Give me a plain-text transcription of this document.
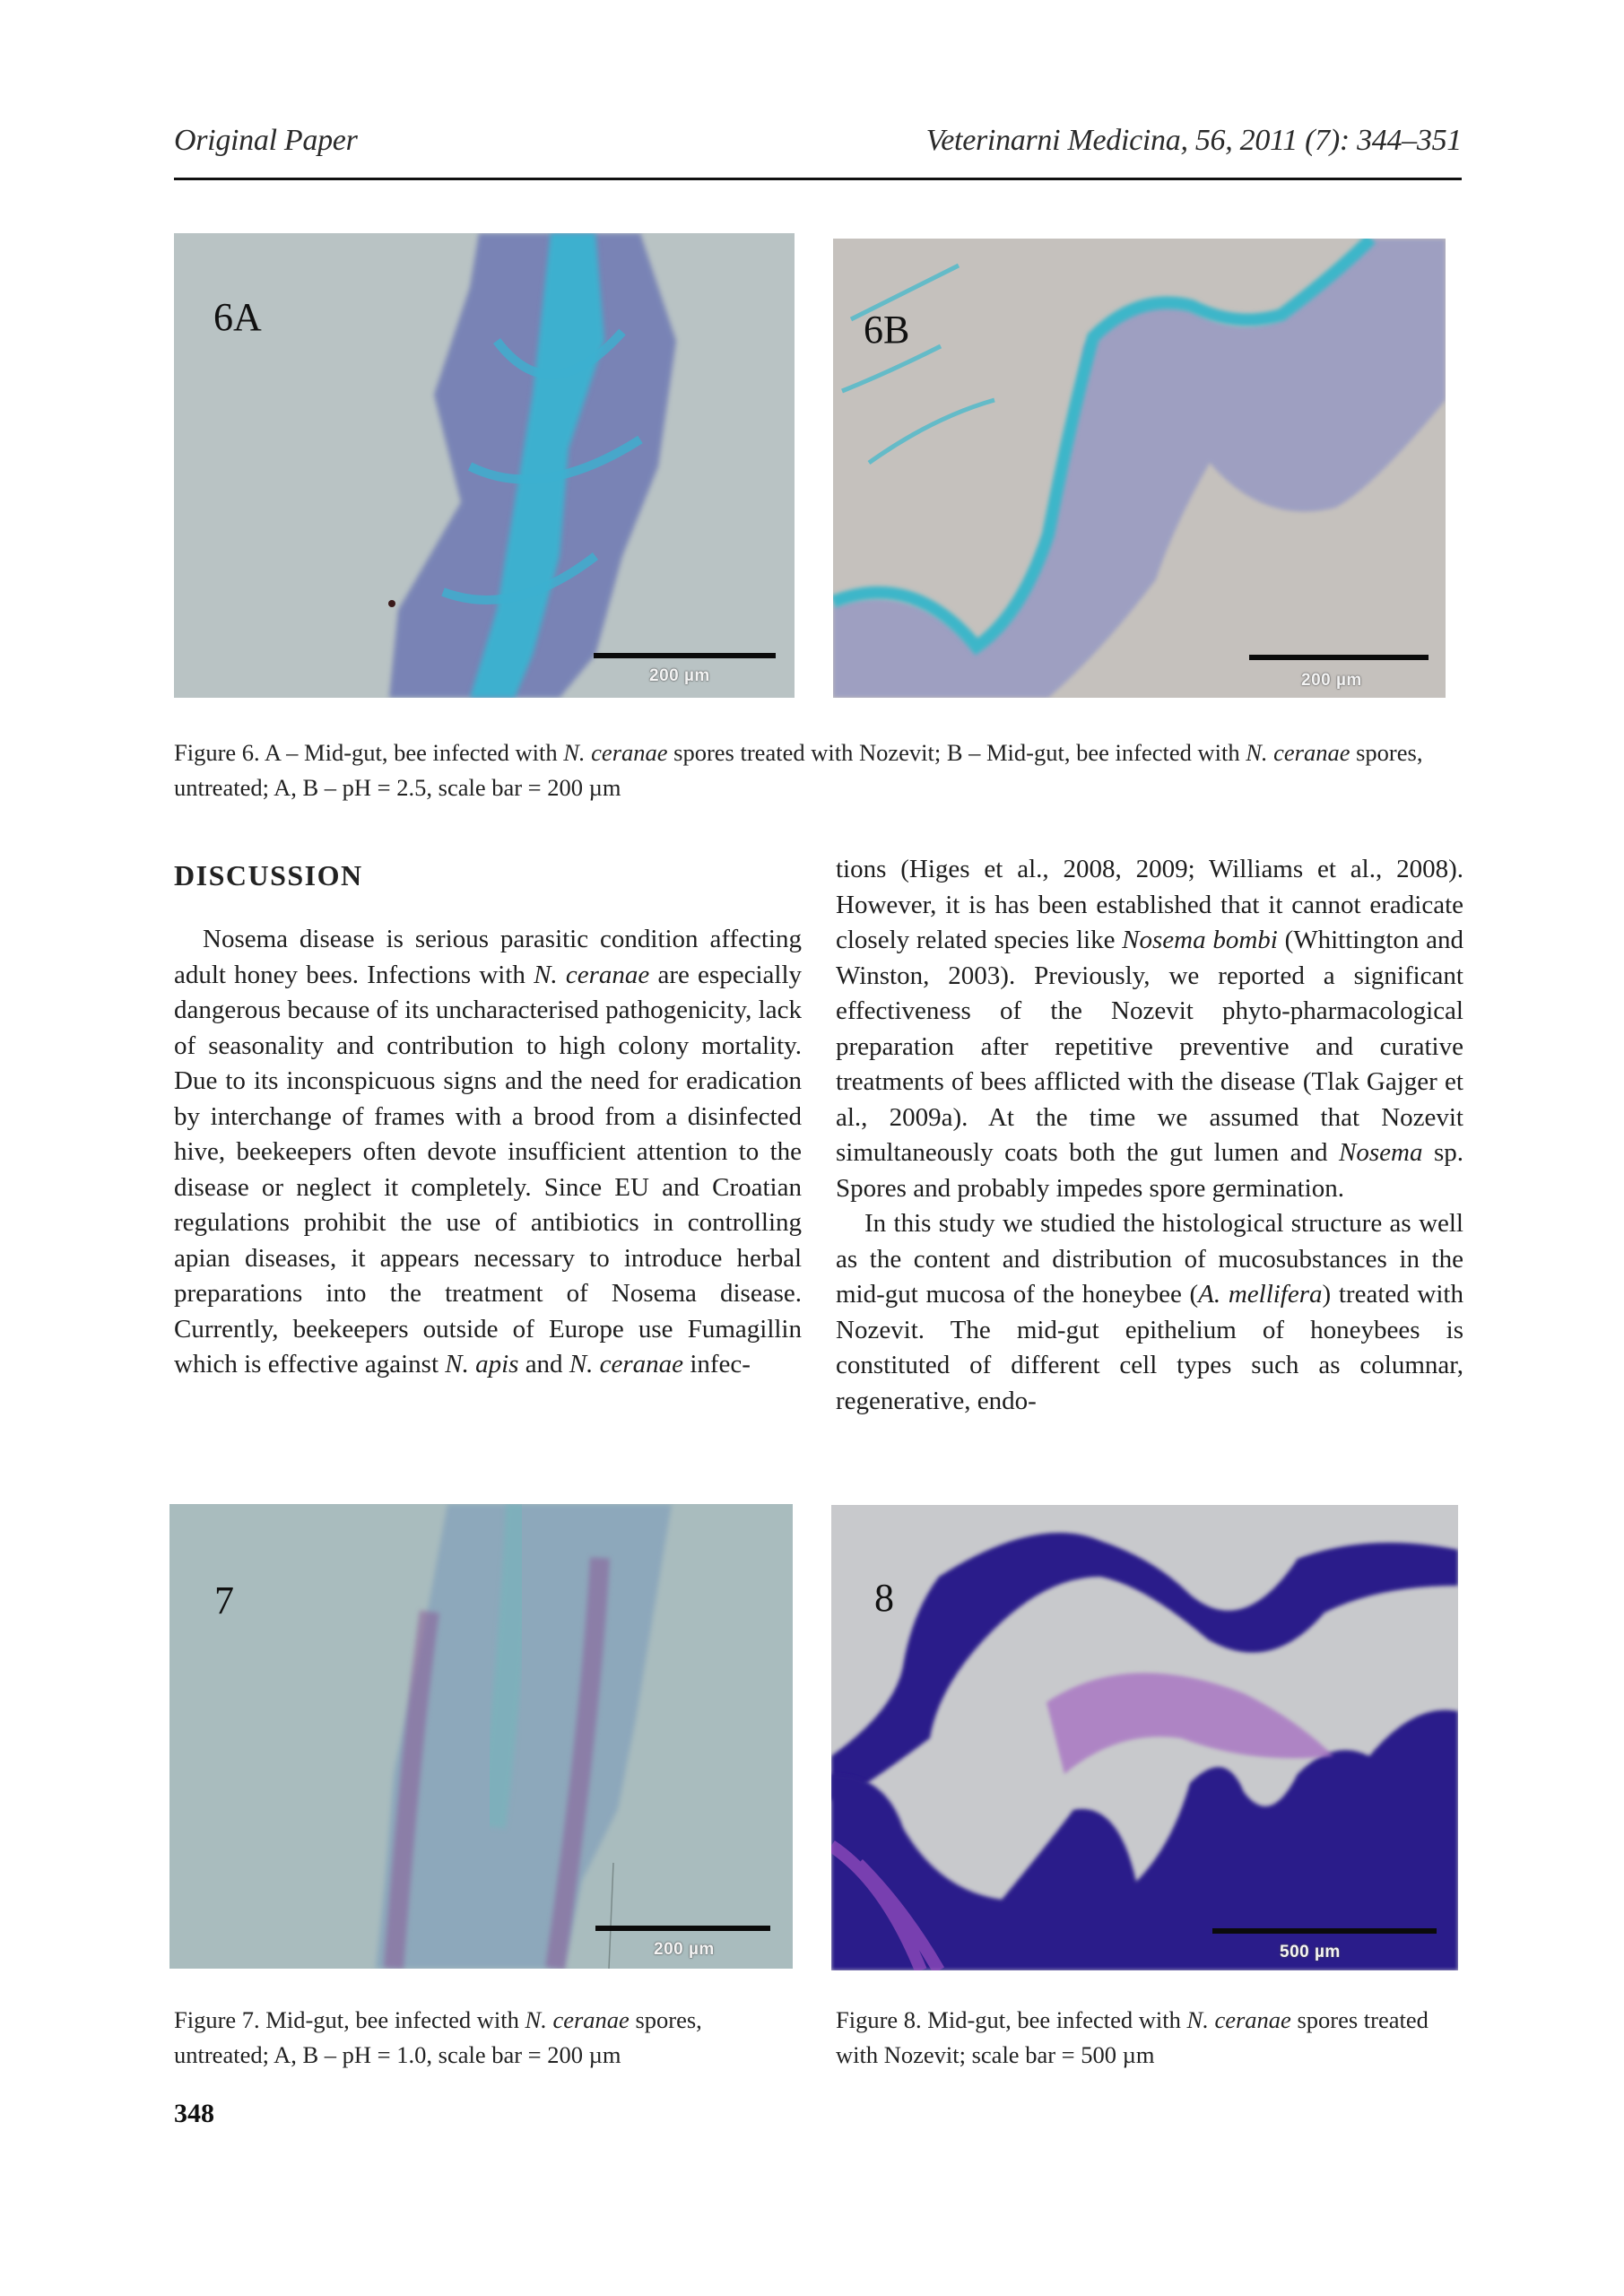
Original Paper	Veterinarni Medicina, 56, 2011 (7): 344–351
6A
200 µm
6B
200 µm
Figure 6. A – Mid-gut, bee infected with N. ceranae spores treated with Nozevit; B – Mid-gut, bee infected with N. ceranae spores, untreated; A, B – pH = 2.5, scale bar = 200 µm
DISCUSSION

Nosema disease is serious parasitic condition affecting adult honey bees. Infections with N. ceranae are especially dangerous because of its uncharacterised pathogenicity, lack of seasonality and contribution to high colony mortality. Due to its inconspicuous signs and the need for eradication by interchange of frames with a brood from a disinfected hive, beekeepers often devote insufficient attention to the disease or neglect it completely. Since EU and Croatian regulations prohibit the use of antibiotics in controlling apian diseases, it appears necessary to introduce herbal preparations into the treatment of Nosema disease. Currently, beekeepers outside of Europe use Fumagillin which is effective against N. apis and N. ceranae infec-

tions (Higes et al., 2008, 2009; Williams et al., 2008). However, it is has been established that it cannot eradicate closely related species like Nosema bombi (Whittington and Winston, 2003). Previously, we reported a significant effectiveness of the Nozevit phyto-pharmacological preparation after repetitive preventive and curative treatments of bees afflicted with the disease (Tlak Gajger et al., 2009a). At the time we assumed that Nozevit simultaneously coats both the gut lumen and Nosema sp. Spores and probably impedes spore germination.

In this study we studied the histological structure as well as the content and distribution of mucosubstances in the mid-gut mucosa of the honeybee (A. mellifera) treated with Nozevit. The mid-gut epithelium of honeybees is constituted of different cell types such as columnar, regenerative, endo-

7
200 µm
8
500 µm
Figure 7. Mid-gut, bee infected with N. ceranae spores, untreated; A, B – pH = 1.0, scale bar = 200 µm
Figure 8. Mid-gut, bee infected with N. ceranae spores treated with Nozevit; scale bar = 500 µm
348
